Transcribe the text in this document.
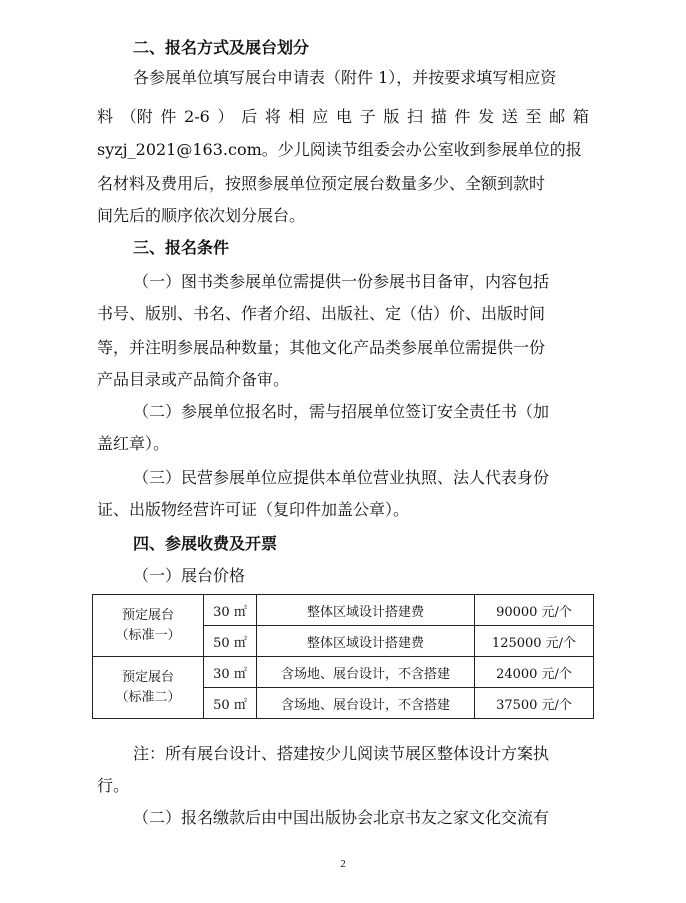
二、报名方式及展台划分
各参展单位填写展台申请表（附件 1），并按要求填写相应资
料 （附 件 2-6 ） 后 将 相 应 电 子 版 扫 描 件 发 送 至 邮 箱
syzj_2021@163.com。少儿阅读节组委会办公室收到参展单位的报
名材料及费用后，按照参展单位预定展台数量多少、全额到款时
间先后的顺序依次划分展台。
三、报名条件
（一）图书类参展单位需提供一份参展书目备审，内容包括
书号、版别、书名、作者介绍、出版社、定（估）价、出版时间
等，并注明参展品种数量；其他文化产品类参展单位需提供一份
产品目录或产品简介备审。
（二）参展单位报名时，需与招展单位签订安全责任书（加
盖红章）。
（三）民营参展单位应提供本单位营业执照、法人代表身份
证、出版物经营许可证（复印件加盖公章）。
四、参展收费及开票
（一）展台价格
预定展台
（标准一）	30 ㎡	整体区域设计搭建费	90000 元/个
	50 ㎡	整体区域设计搭建费	125000 元/个

预定展台
（标准二）	30 ㎡	含场地、展台设计，不含搭建	24000 元/个
	50 ㎡	含场地、展台设计，不含搭建	37500 元/个
注：所有展台设计、搭建按少儿阅读节展区整体设计方案执
行。
（二）报名缴款后由中国出版协会北京书友之家文化交流有
2
